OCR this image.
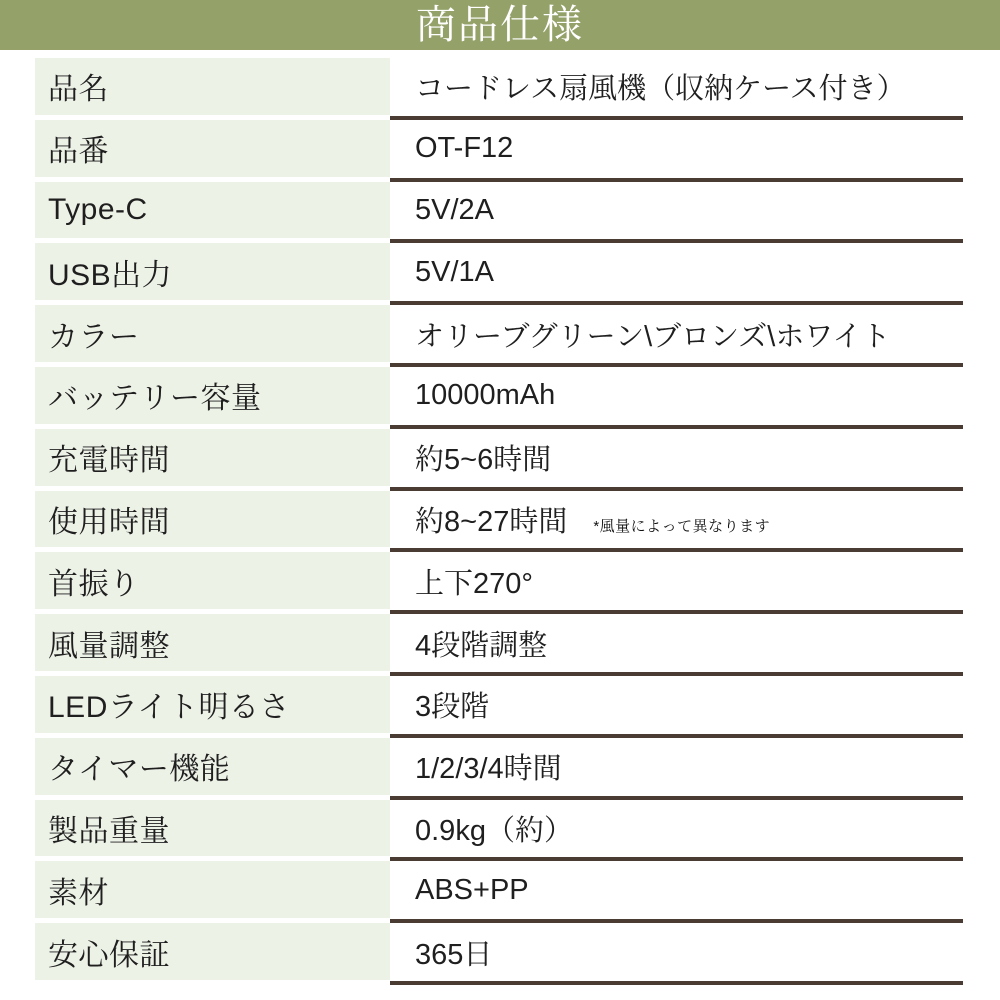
商品仕様
品名	コードレス扇風機（収納ケース付き）
品番	OT-F12
Type-C	5V/2A
USB出力	5V/1A
カラー	オリーブグリーン\ブロンズ\ホワイト
バッテリー容量	10000mAh
充電時間	約5~6時間
使用時間	約8~27時間 *風量によって異なります
首振り	上下270°
風量調整	4段階調整
LEDライト明るさ	3段階
タイマー機能	1/2/3/4時間
製品重量	0.9kg（約）
素材	ABS+PP
安心保証	365日
